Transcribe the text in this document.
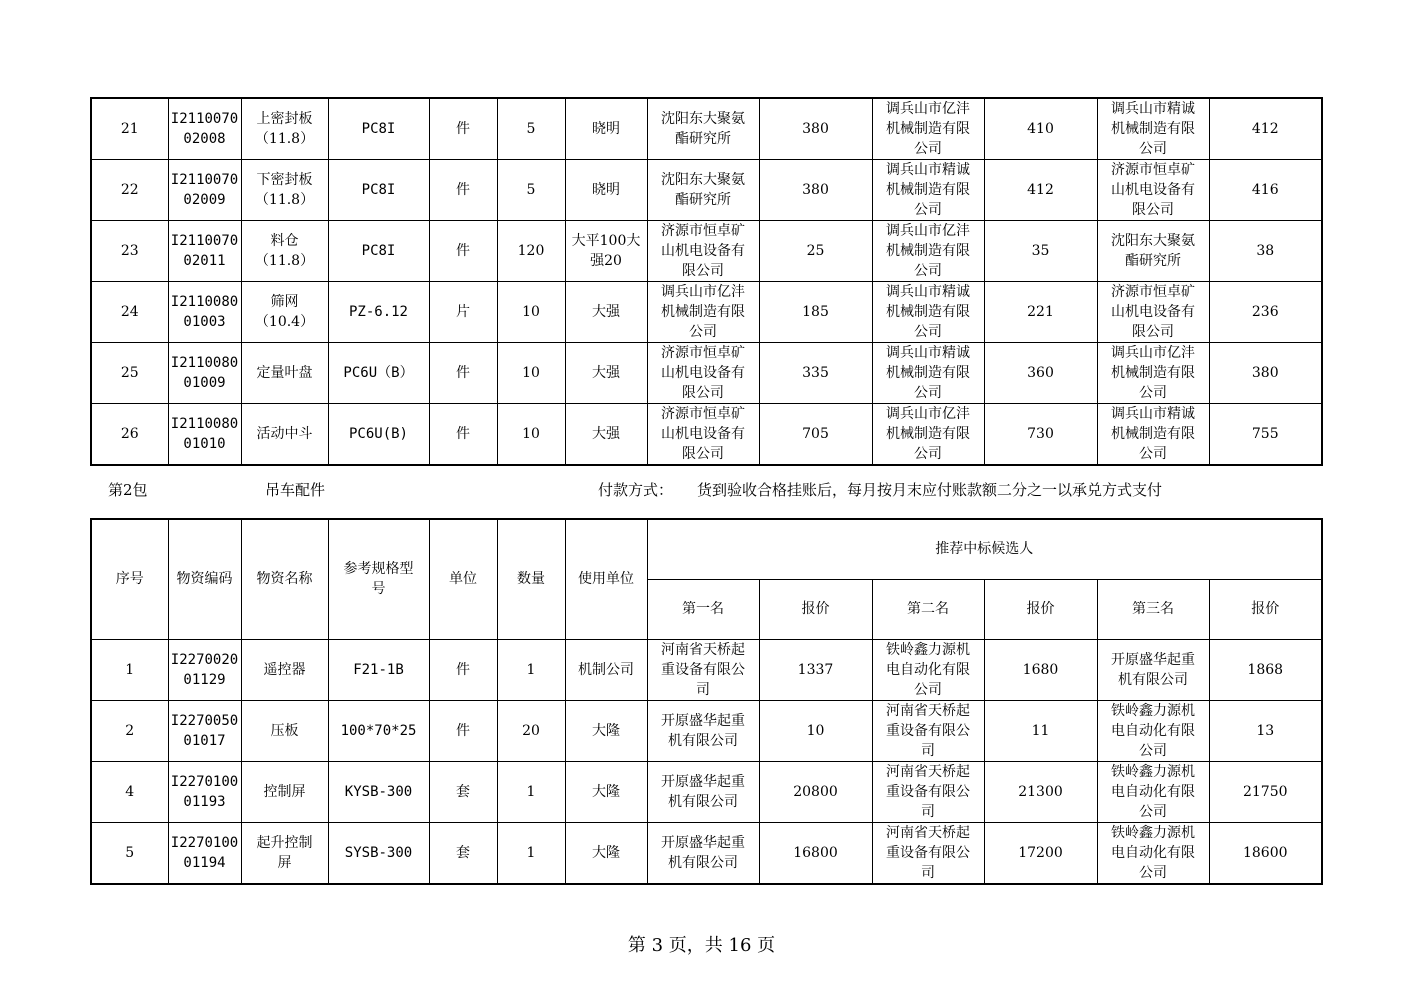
21	I2110070
02008	上密封板
（11.8）	PC8I	件	5	晓明	沈阳东大聚氨
酯研究所	380	调兵山市亿沣
机械制造有限
公司	410	调兵山市精诚
机械制造有限
公司	412
22	I2110070
02009	下密封板
（11.8）	PC8I	件	5	晓明	沈阳东大聚氨
酯研究所	380	调兵山市精诚
机械制造有限
公司	412	济源市恒卓矿
山机电设备有
限公司	416
23	I2110070
02011	料仓
（11.8）	PC8I	件	120	大平100大
强20	济源市恒卓矿
山机电设备有
限公司	25	调兵山市亿沣
机械制造有限
公司	35	沈阳东大聚氨
酯研究所	38
24	I2110080
01003	筛网
（10.4）	PZ-6.12	片	10	大强	调兵山市亿沣
机械制造有限
公司	185	调兵山市精诚
机械制造有限
公司	221	济源市恒卓矿
山机电设备有
限公司	236
25	I2110080
01009	定量叶盘	PC6U（B）	件	10	大强	济源市恒卓矿
山机电设备有
限公司	335	调兵山市精诚
机械制造有限
公司	360	调兵山市亿沣
机械制造有限
公司	380
26	I2110080
01010	活动中斗	PC6U(B)	件	10	大强	济源市恒卓矿
山机电设备有
限公司	705	调兵山市亿沣
机械制造有限
公司	730	调兵山市精诚
机械制造有限
公司	755
第2包	吊车配件	付款方式： 货到验收合格挂账后，每月按月末应付账款额二分之一以承兑方式支付
序号	物资编码	物资名称	参考规格型
号	单位	数量	使用单位	推荐中标候选人					
							第一名	报价	第二名	报价	第三名	报价
1	I2270020
01129	遥控器	F21-1B	件	1	机制公司	河南省天桥起
重设备有限公
司	1337	铁岭鑫力源机
电自动化有限
公司	1680	开原盛华起重
机有限公司	1868
2	I2270050
01017	压板	100*70*25	件	20	大隆	开原盛华起重
机有限公司	10	河南省天桥起
重设备有限公
司	11	铁岭鑫力源机
电自动化有限
公司	13
4	I2270100
01193	控制屏	KYSB-300	套	1	大隆	开原盛华起重
机有限公司	20800	河南省天桥起
重设备有限公
司	21300	铁岭鑫力源机
电自动化有限
公司	21750
5	I2270100
01194	起升控制
屏	SYSB-300	套	1	大隆	开原盛华起重
机有限公司	16800	河南省天桥起
重设备有限公
司	17200	铁岭鑫力源机
电自动化有限
公司	18600
第 3 页，共 16 页
